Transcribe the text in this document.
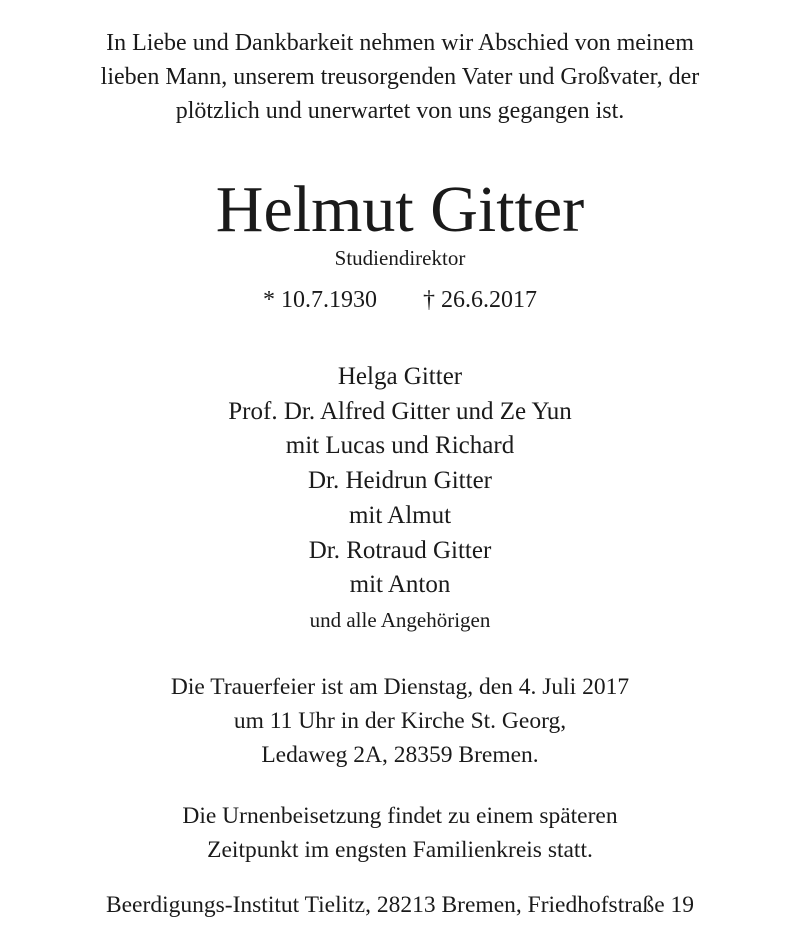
In Liebe und Dankbarkeit nehmen wir Abschied von meinem
lieben Mann, unserem treusorgenden Vater und Großvater, der
plötzlich und unerwartet von uns gegangen ist.
Helmut Gitter
Studiendirektor
* 10.7.1930 † 26.6.2017
Helga Gitter
Prof. Dr. Alfred Gitter und Ze Yun
mit Lucas und Richard
Dr. Heidrun Gitter
mit Almut
Dr. Rotraud Gitter
mit Anton
und alle Angehörigen
Die Trauerfeier ist am Dienstag, den 4. Juli 2017
um 11 Uhr in der Kirche St. Georg,
Ledaweg 2A, 28359 Bremen.
Die Urnenbeisetzung findet zu einem späteren
Zeitpunkt im engsten Familienkreis statt.
Beerdigungs-Institut Tielitz, 28213 Bremen, Friedhofstraße 19
